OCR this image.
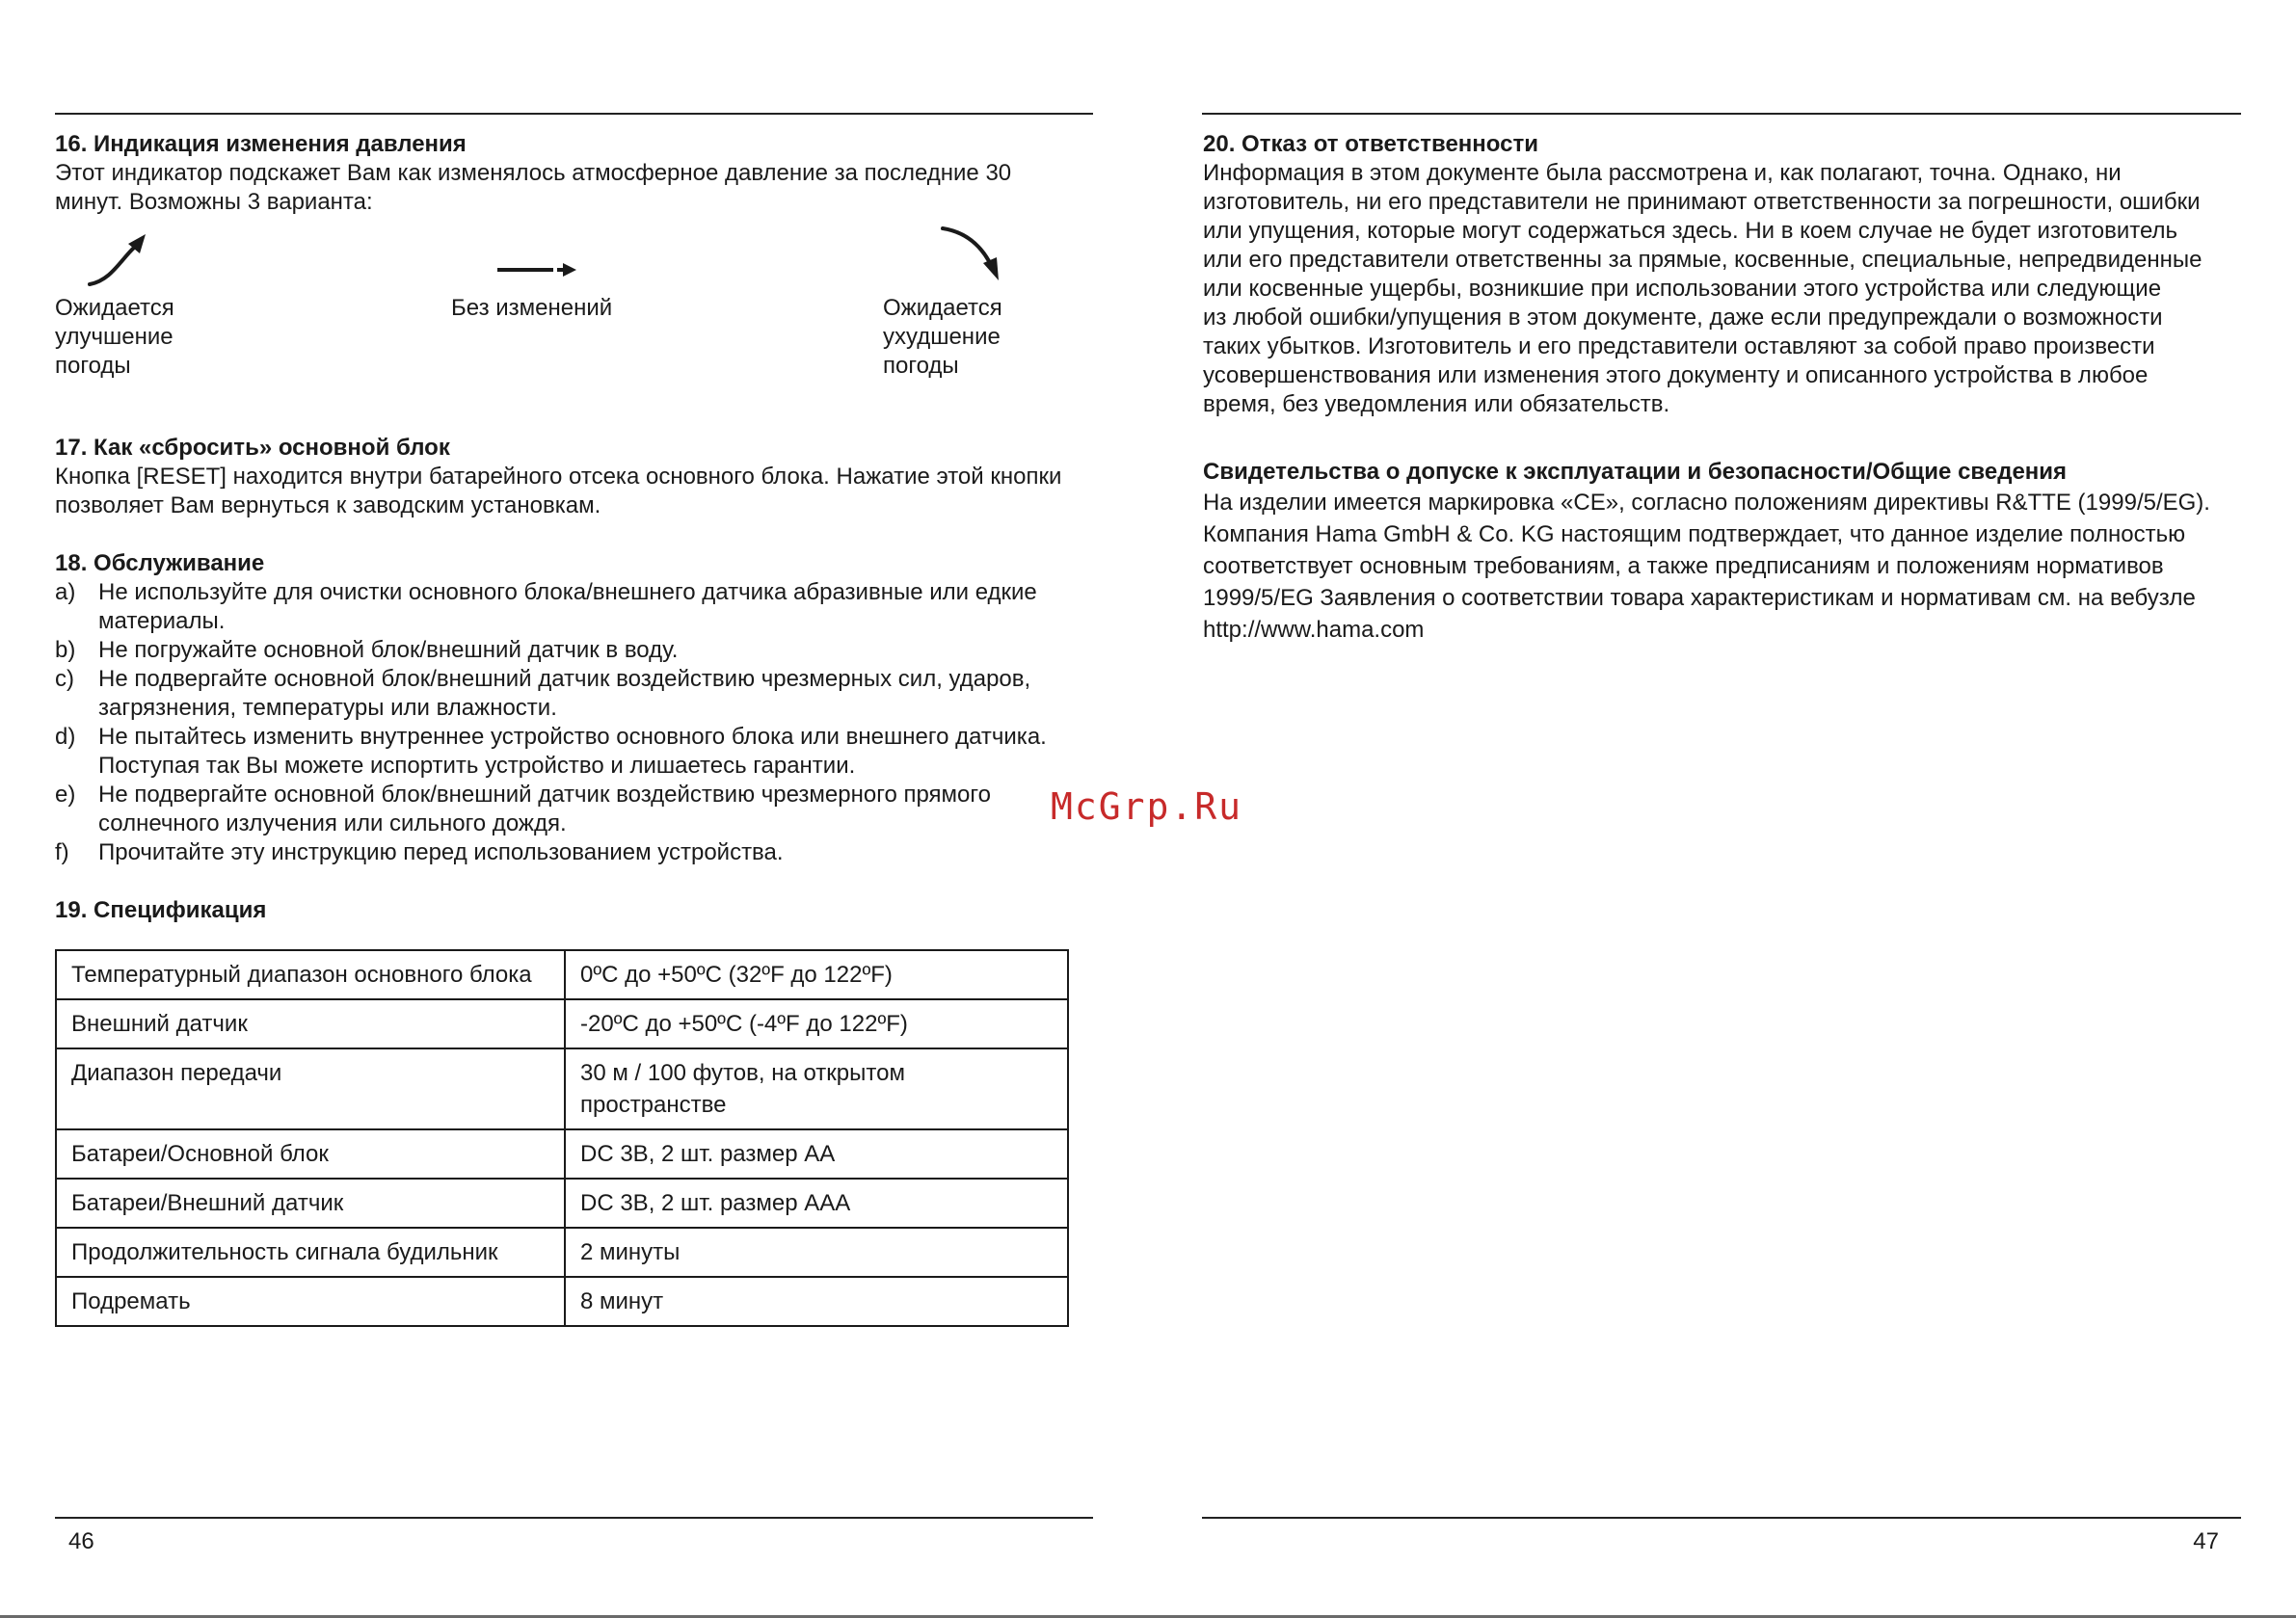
16. Индикация изменения давления

Этот индикатор подскажет Вам как изменялось атмосферное давление за последние 30
минут. Возможны 3 варианта:

Ожидается
улучшение
погоды
Без изменений	Ожидается
ухудшение
погоды
17. Как «сбросить» основной блок

Кнопка [RESET] находится внутри батарейного отсека основного блока. Нажатие этой кнопки
позволяет Вам вернуться к заводским установкам.

18. Обслуживание
a) Не используйте для очистки основного блока/внешнего датчика абразивные или едкие
материалы.
b) Не погружайте основной блок/внешний датчик в воду.
c) Не подвергайте основной блок/внешний датчик воздействию чрезмерных сил, ударов,
загрязнения, температуры или влажности.
d) Не пытайтесь изменить внутреннее устройство основного блока или внешнего датчика.
Поступая так Вы можете испортить устройство и лишаетесь гарантии.
e) Не подвергайте основной блок/внешний датчик воздействию чрезмерного прямого
солнечного излучения или сильного дождя.
f) Прочитайте эту инструкцию перед использованием устройства.
19. Спецификация
Температурный диапазон основного блока	0ºC до +50ºC (32ºF до 122ºF)
Внешний датчик	-20ºC до +50ºC (-4ºF до 122ºF)
Диапазон передачи	30 м / 100 футов, на открытом
пространстве
Батареи/Основной блок	DC 3В, 2 шт. размер АА
Батареи/Внешний датчик	DC 3В, 2 шт. размер ААА
Продолжительность сигнала будильник	2 минуты
Подремать	8 минут
46
20. Отказ от ответственности

Информация в этом документе была рассмотрена и, как полагают, точна. Однако, ни
изготовитель, ни его представители не принимают ответственности за погрешности, ошибки
или упущения, которые могут содержаться здесь. Ни в коем случае не будет изготовитель
или его представители ответственны за прямые, косвенные, специальные, непредвиденные
или косвенные ущербы, возникшие при использовании этого устройства или следующие
из любой ошибки/упущения в этом документе, даже если предупреждали о возможности
таких убытков. Изготовитель и его представители оставляют за собой право произвести
усовершенствования или изменения этого документу и описанного устройства в любое
время, без уведомления или обязательств.

Свидетельства о допуске к эксплуатации и безопасности/Общие сведения

На изделии имеется маркировка «CE», согласно положениям директивы R&TTE (1999/5/EG).
Компания Hama GmbH & Co. KG настоящим подтверждает, что данное изделие полностью
соответствует основным требованиям, а также предписаниям и положениям нормативов
1999/5/EG Заявления о соответствии товара характеристикам и нормативам см. на вебузле
http://www.hama.com

47
McGrp.Ru
